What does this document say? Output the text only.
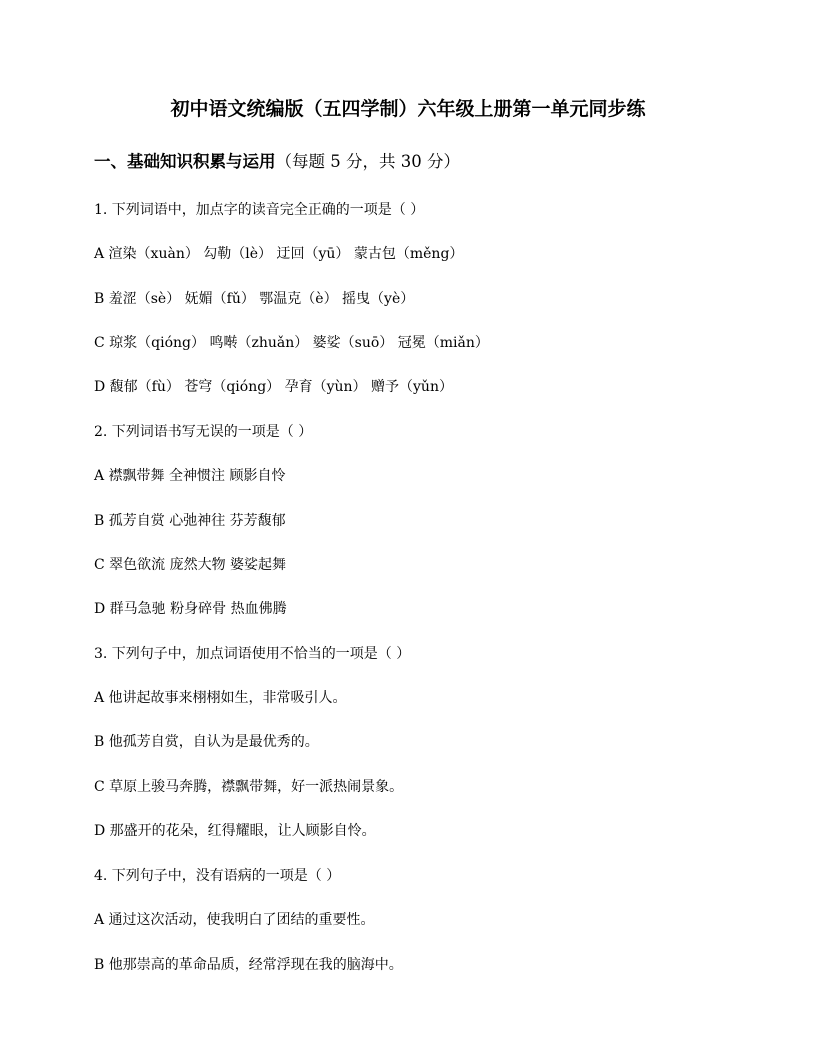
初中语文统编版（五四学制）六年级上册第一单元同步练
一、基础知识积累与运用（每题 5 分，共 30 分）
1. 下列词语中，加点字的读音完全正确的一项是（ ）
A 渲染（xuàn） 勾勒（lè） 迂回（yū） 蒙古包（měng）
B 羞涩（sè） 妩媚（fǔ） 鄂温克（è） 摇曳（yè）
C 琼浆（qióng） 鸣啭（zhuǎn） 婆娑（suō） 冠冕（miǎn）
D 馥郁（fù） 苍穹（qióng） 孕育（yùn） 赠予（yǔn）
2. 下列词语书写无误的一项是（ ）
A 襟飘带舞 全神惯注 顾影自怜
B 孤芳自赏 心弛神往 芬芳馥郁
C 翠色欲流 庞然大物 婆娑起舞
D 群马急驰 粉身碎骨 热血佛腾
3. 下列句子中，加点词语使用不恰当的一项是（ ）
A 他讲起故事来栩栩如生，非常吸引人。
B 他孤芳自赏，自认为是最优秀的。
C 草原上骏马奔腾，襟飘带舞，好一派热闹景象。
D 那盛开的花朵，红得耀眼，让人顾影自怜。
4. 下列句子中，没有语病的一项是（ ）
A 通过这次活动，使我明白了团结的重要性。
B 他那崇高的革命品质，经常浮现在我的脑海中。
